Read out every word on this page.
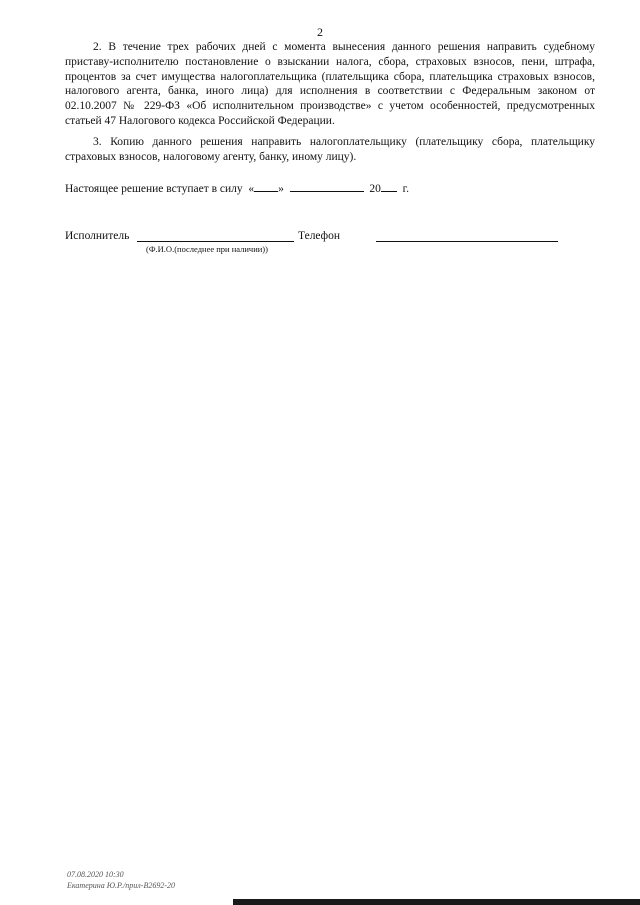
2
2. В течение трех рабочих дней с момента вынесения данного решения направить судебному приставу-исполнителю постановление о взыскании налога, сбора, страховых взносов, пени, штрафа, процентов за счет имущества налогоплательщика (плательщика сбора, плательщика страховых взносов, налогового агента, банка, иного лица) для исполнения в соответствии с Федеральным законом от 02.10.2007 № 229-ФЗ «Об исполнительном производстве» с учетом особенностей, предусмотренных статьей 47 Налогового кодекса Российской Федерации.
3. Копию данного решения направить налогоплательщику (плательщику сбора, плательщику страховых взносов, налоговому агенту, банку, иному лицу).
Настоящее решение вступает в силу « »	20 г.
Исполнитель	Телефон
(Ф.И.О.(последнее при наличии))
07.08.2020 10:30
Екатерина Ю.Р./прил-В2692-20
